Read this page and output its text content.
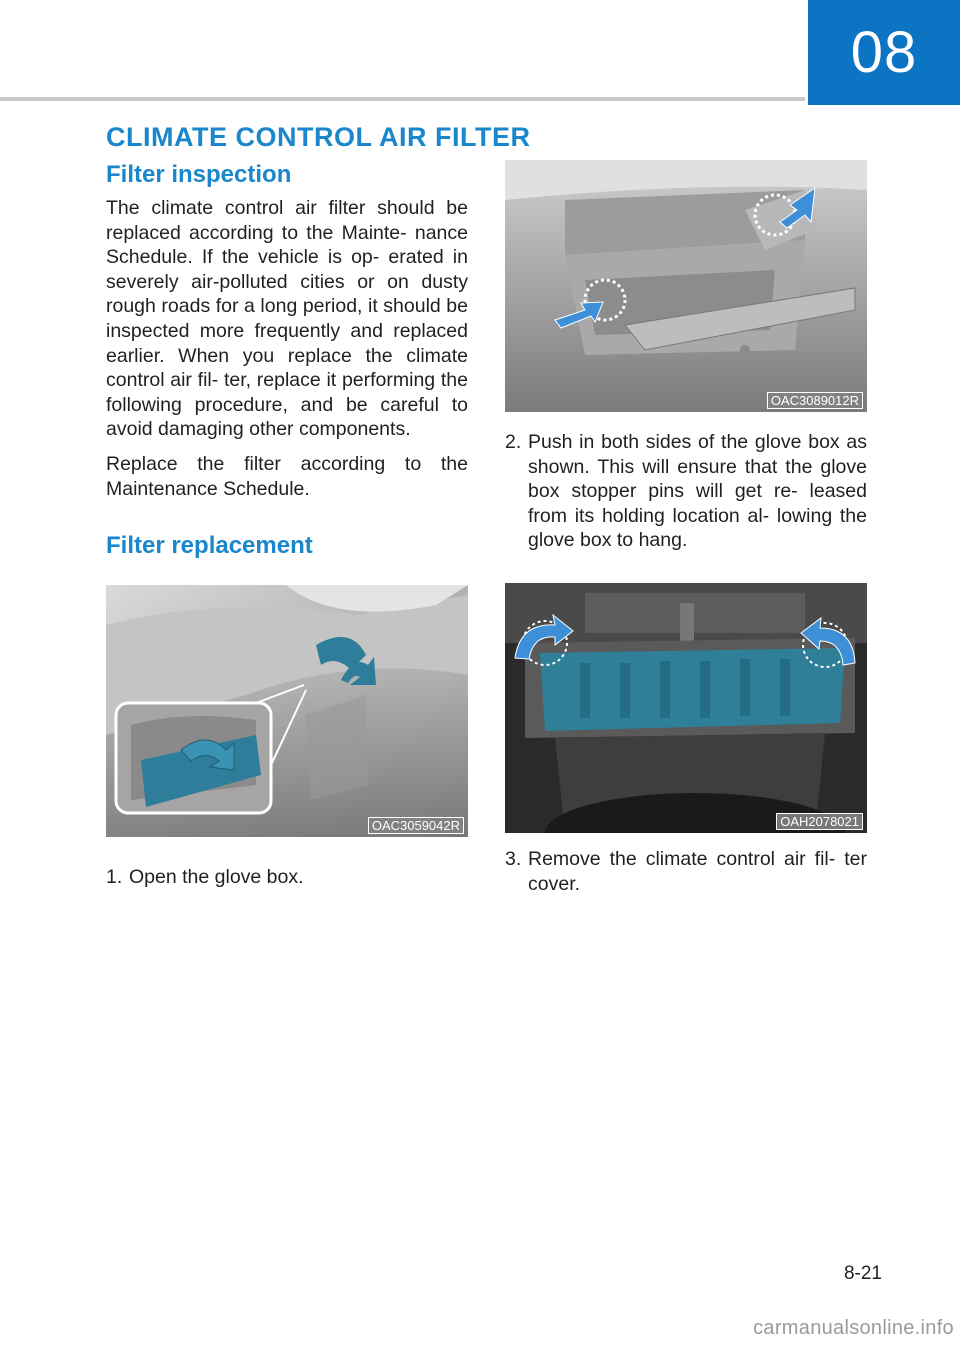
08
CLIMATE CONTROL AIR FILTER
Filter inspection

The climate control air filter should be replaced according to the Mainte- nance Schedule. If the vehicle is op- erated in severely air-polluted cities or on dusty rough roads for a long period, it should be inspected more frequently and replaced earlier. When you replace the climate control air fil- ter, replace it performing the following procedure, and be careful to avoid damaging other components.

Replace the filter according to the Maintenance Schedule.

Filter replacement
OAC3059042R
1. Open the glove box.
OAC3089012R
2. Push in both sides of the glove box as shown. This will ensure that the glove box stopper pins will get re- leased from its holding location al- lowing the glove box to hang.
OAH2078021
3. Remove the climate control air fil- ter cover.
8-21
carmanualsonline.info
